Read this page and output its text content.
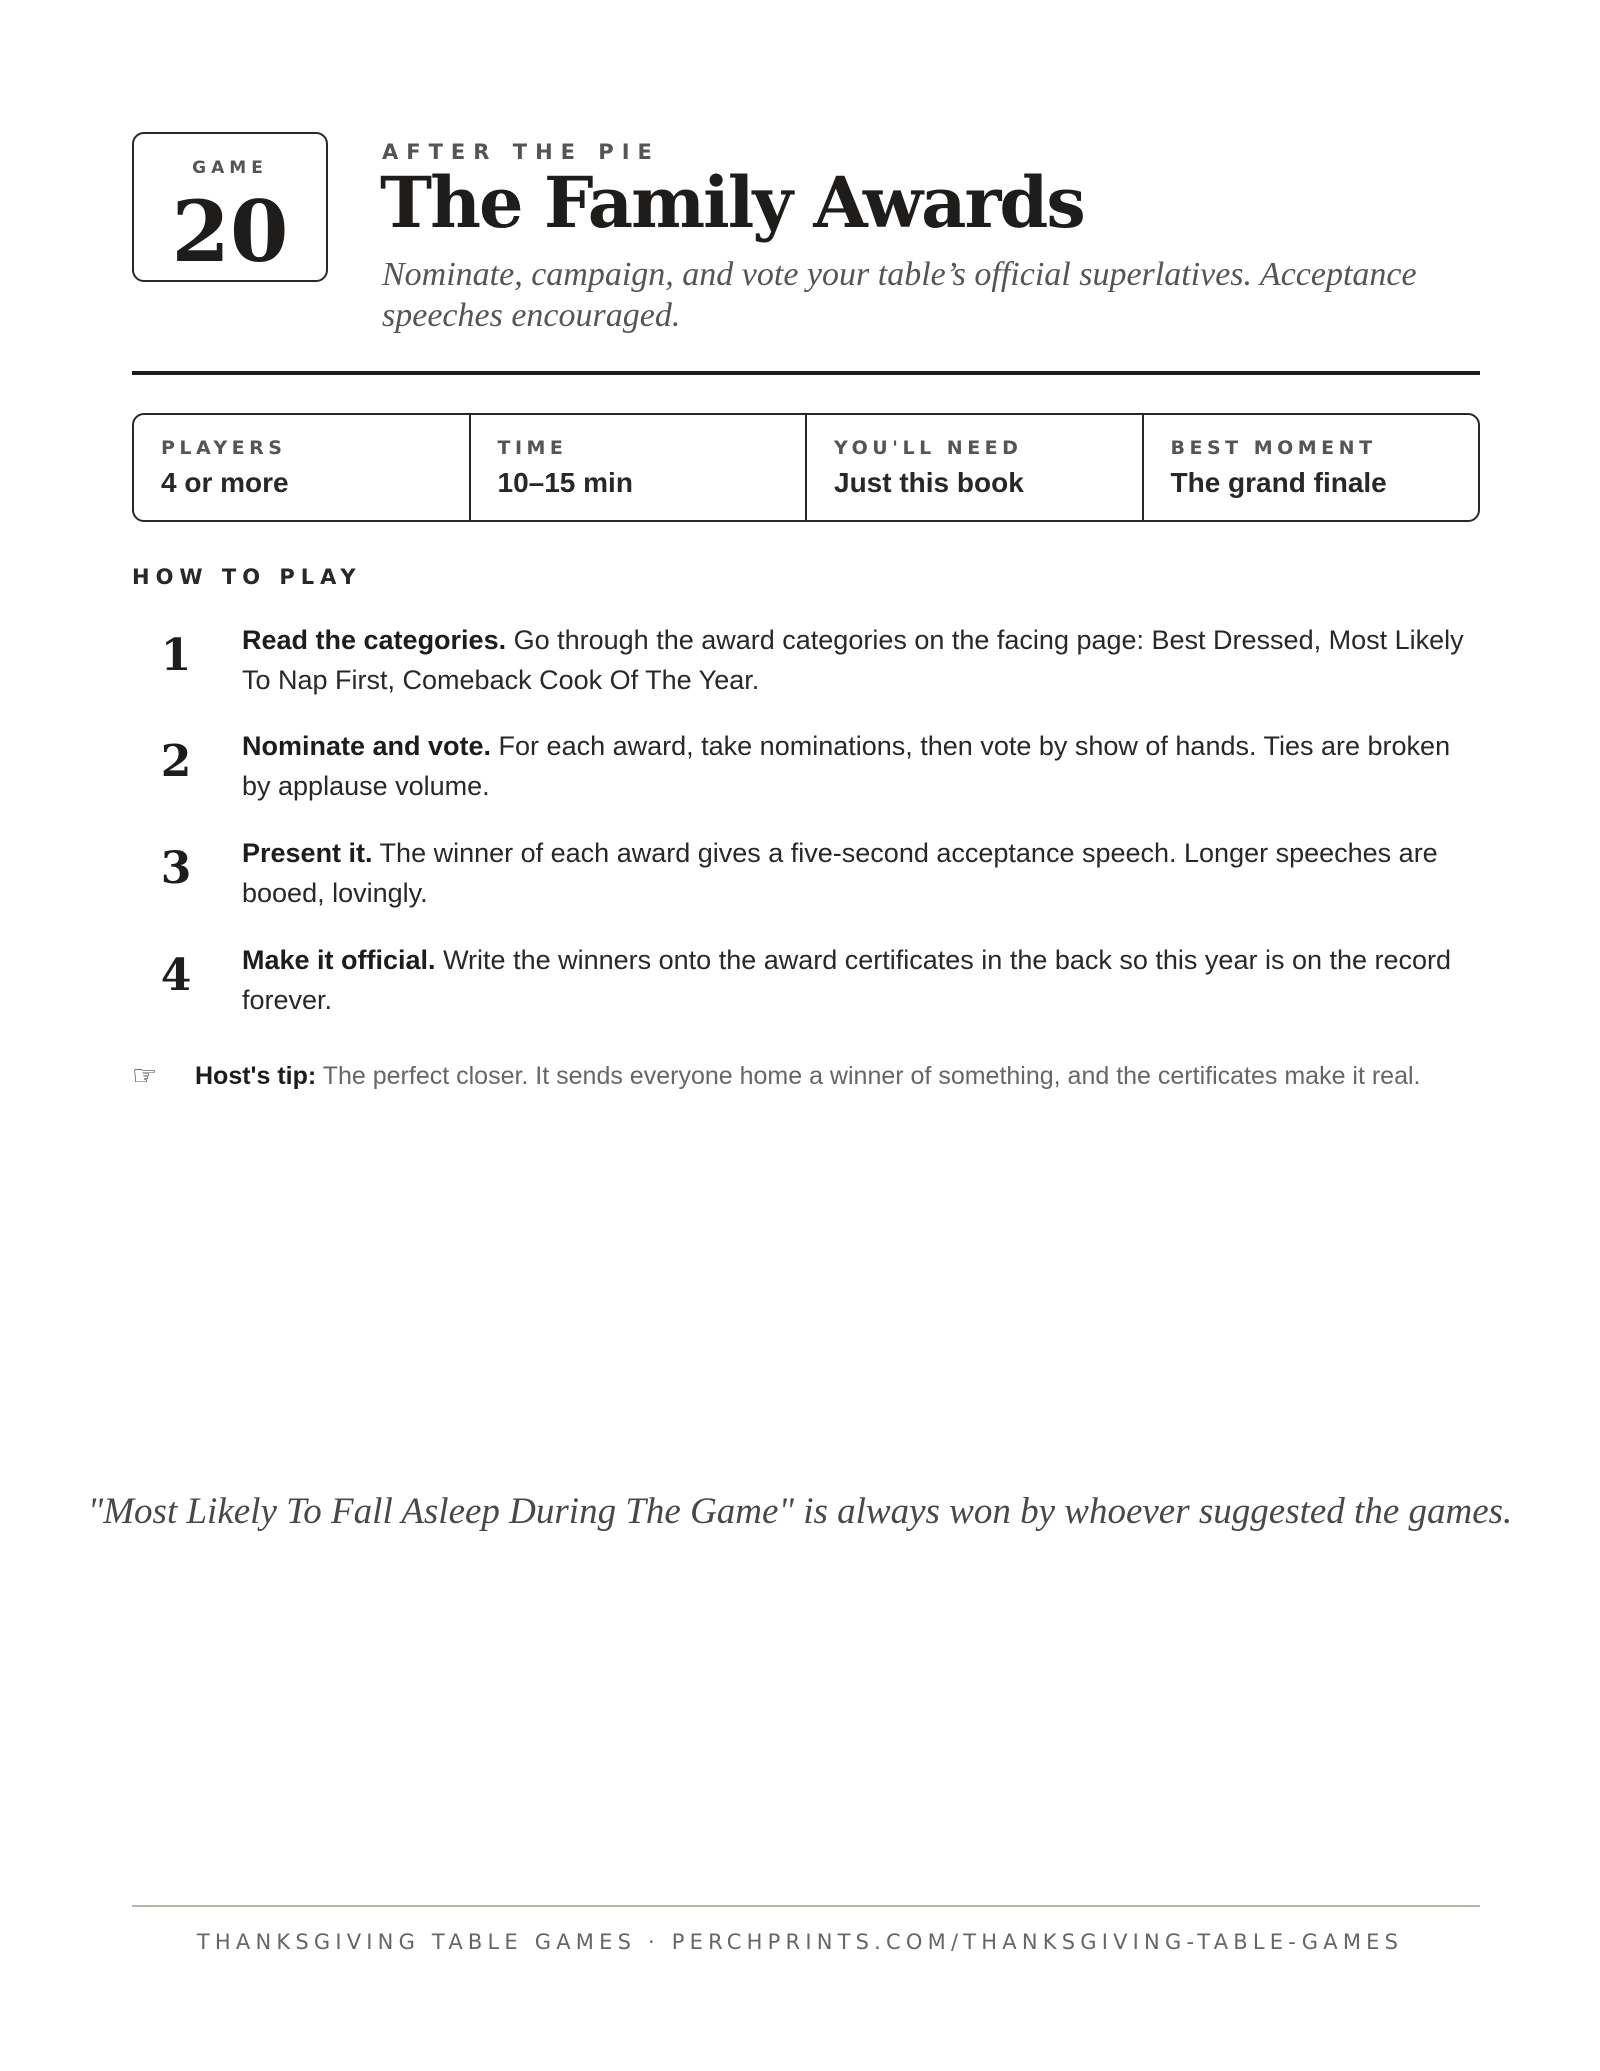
GAME
20
AFTER THE PIE
The Family Awards
Nominate, campaign, and vote your table’s official superlatives. Acceptance speeches encouraged.
PLAYERS
4 or more
TIME
10–15 min
YOU'LL NEED
Just this book
BEST MOMENT
The grand finale
HOW TO PLAY
1 Read the categories. Go through the award categories on the facing page: Best Dressed, Most Likely To Nap First, Comeback Cook Of The Year.
2 Nominate and vote. For each award, take nominations, then vote by show of hands. Ties are broken by applause volume.
3 Present it. The winner of each award gives a five-second acceptance speech. Longer speeches are booed, lovingly.
4 Make it official. Write the winners onto the award certificates in the back so this year is on the record forever.
☞ Host's tip: The perfect closer. It sends everyone home a winner of something, and the certificates make it real.
"Most Likely To Fall Asleep During The Game" is always won by whoever suggested the games.
THANKSGIVING TABLE GAMES · PERCHPRINTS.COM/THANKSGIVING-TABLE-GAMES
